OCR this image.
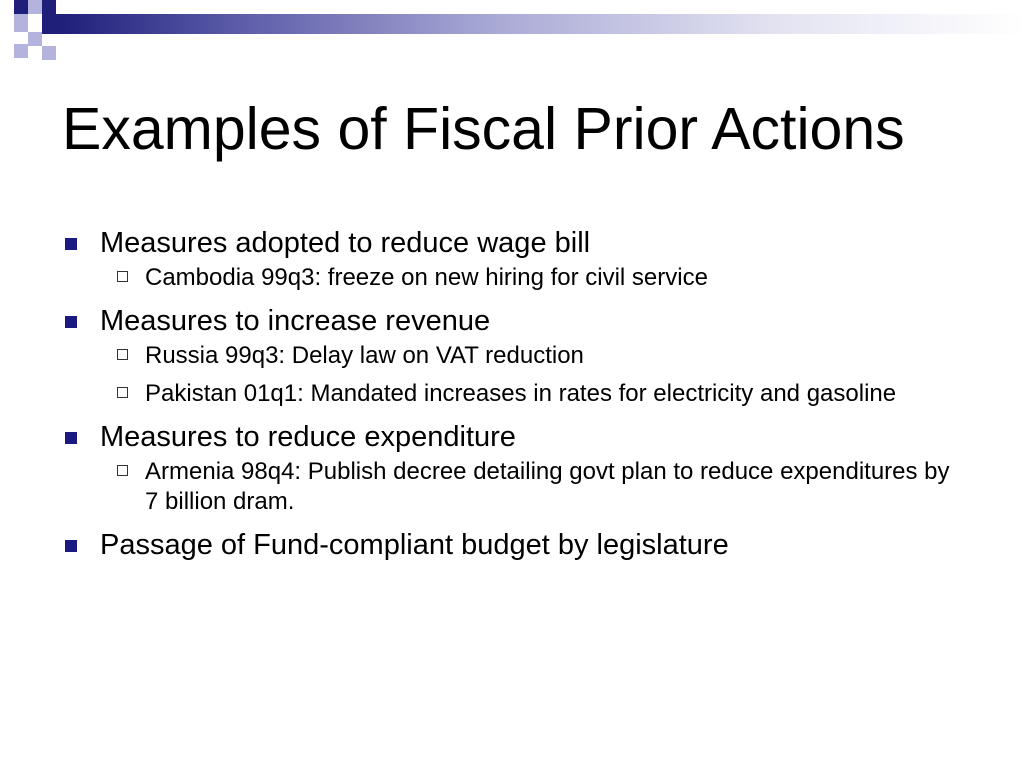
Examples of Fiscal Prior Actions
Measures adopted to reduce wage bill
Cambodia 99q3: freeze on new hiring for civil service
Measures to increase revenue
Russia 99q3: Delay law on VAT reduction
Pakistan 01q1: Mandated increases in rates for electricity and gasoline
Measures to reduce expenditure
Armenia 98q4: Publish decree detailing govt plan to reduce expenditures by 7 billion dram.
Passage of Fund-compliant budget by legislature
